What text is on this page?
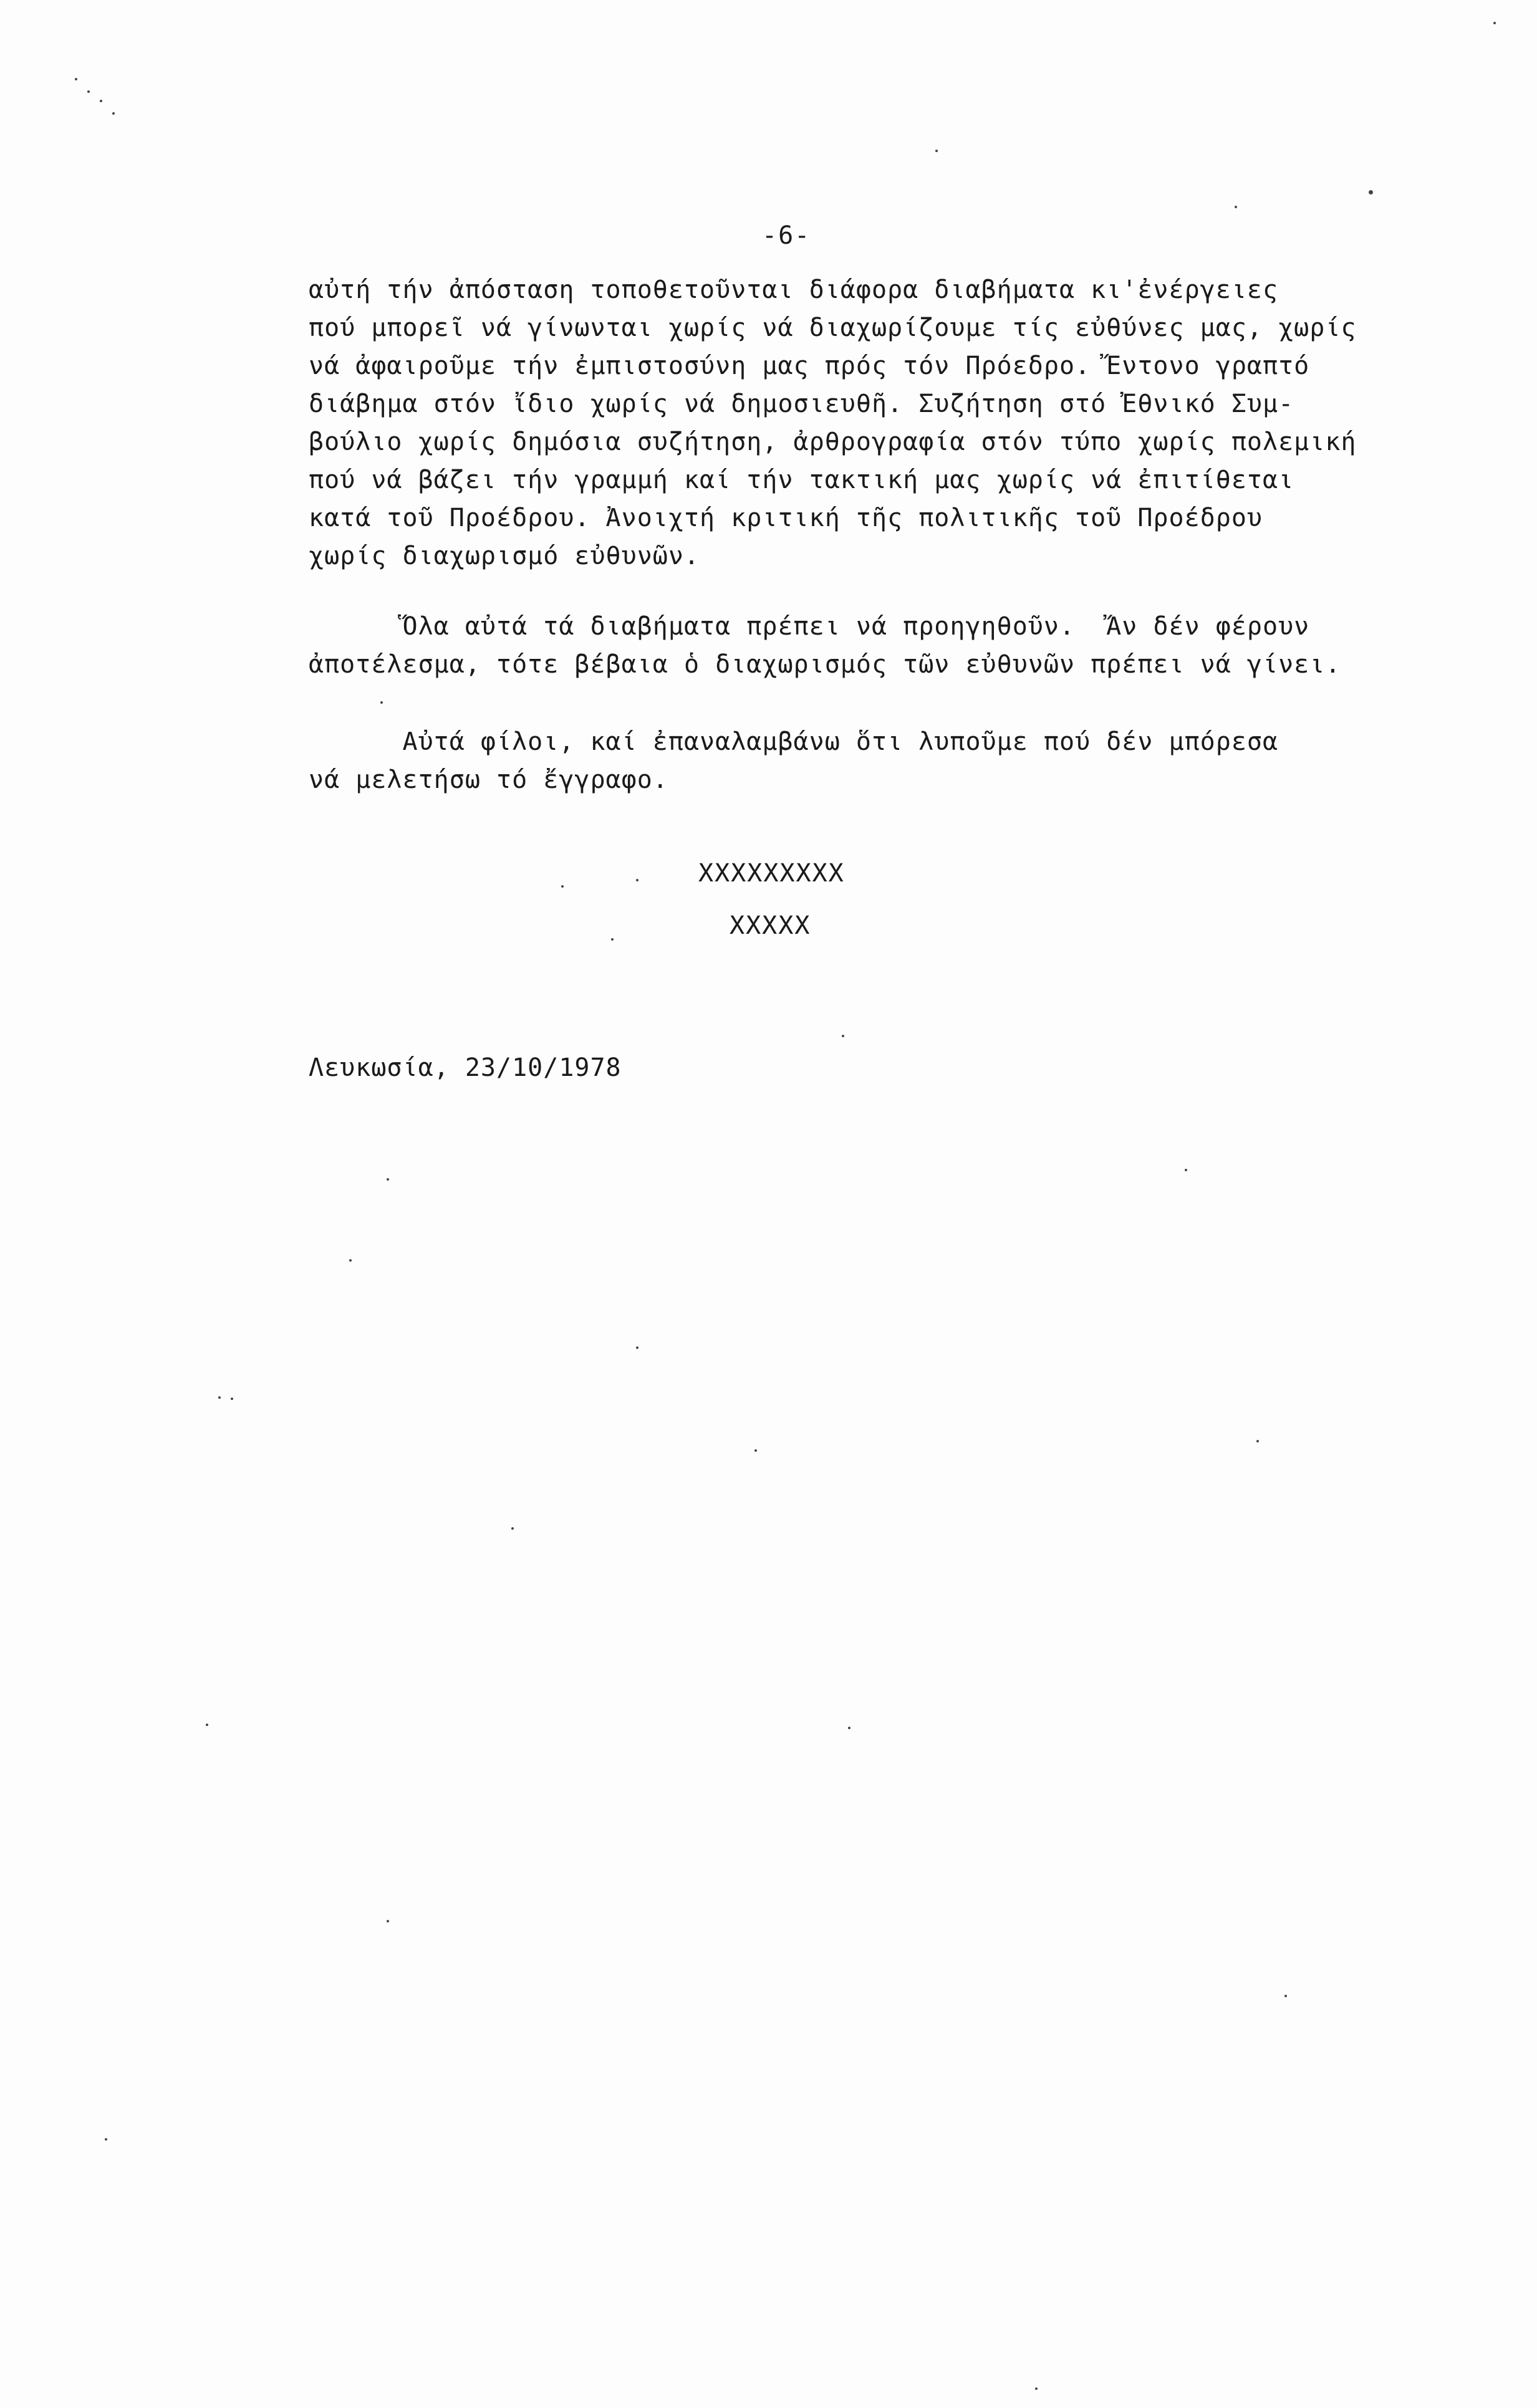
-6-
αὐτή τήν ἀπόσταση τοποθετοῦνται διάφορα διαβήματα κι'ἐνέργειες
πού μπορεῖ νά γίνωνται χωρίς νά διαχωρίζουμε τίς εὐθύνες μας, χωρίς
νά ἀφαιροῦμε τήν ἐμπιστοσύνη μας πρός τόν Πρόεδρο. Ἔντονο γραπτό
διάβημα στόν ἴδιο χωρίς νά δημοσιευθῆ. Συζήτηση στό Ἐθνικό Συμ-
βούλιο χωρίς δημόσια συζήτηση, ἀρθρογραφία στόν τύπο χωρίς πολεμική
πού νά βάζει τήν γραμμή καί τήν τακτική μας χωρίς νά ἐπιτίθεται
κατά τοῦ Προέδρου. Ἀνοιχτή κριτική τῆς πολιτικῆς τοῦ Προέδρου
χωρίς διαχωρισμό εὐθυνῶν.
Ὅλα αὐτά τά διαβήματα πρέπει νά προηγηθοῦν.  Ἄν δέν φέρουν
ἀποτέλεσμα, τότε βέβαια ὁ διαχωρισμός τῶν εὐθυνῶν πρέπει νά γίνει.
Αὐτά φίλοι, καί ἐπαναλαμβάνω ὅτι λυποῦμε πού δέν μπόρεσα
νά μελετήσω τό ἔγγραφο.
XXXXXXXXX
XXXXX
Λευκωσία, 23/10/1978
